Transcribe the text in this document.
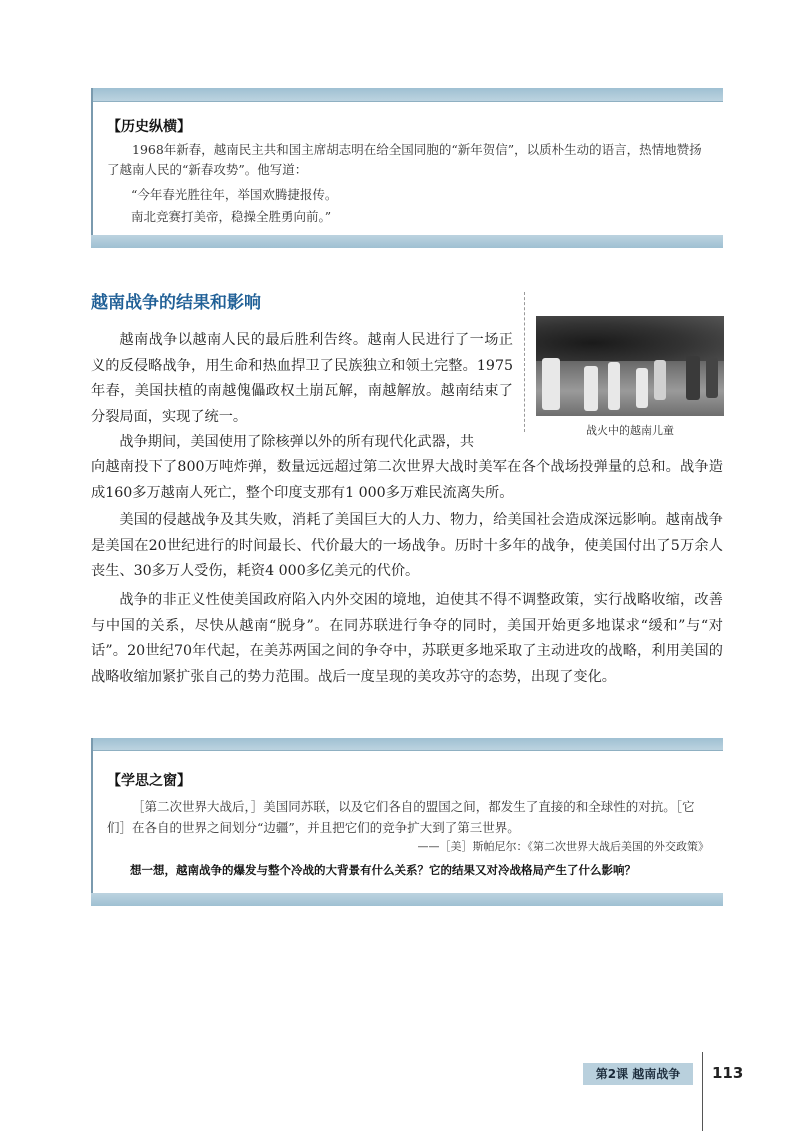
【历史纵横】
1968年新春，越南民主共和国主席胡志明在给全国同胞的“新年贺信”，以质朴生动的语言，热情地赞扬了越南人民的“新春攻势”。他写道：
“今年春光胜往年，举国欢腾捷报传。
南北竞赛打美帝，稳操全胜勇向前。”
越南战争的结果和影响
战火中的越南儿童

越南战争以越南人民的最后胜利告终。越南人民进行了一场正义的反侵略战争，用生命和热血捍卫了民族独立和领土完整。1975年春，美国扶植的南越傀儡政权土崩瓦解，南越解放。越南结束了分裂局面，实现了统一。

战争期间，美国使用了除核弹以外的所有现代化武器，共

向越南投下了800万吨炸弹，数量远远超过第二次世界大战时美军在各个战场投弹量的总和。战争造成160多万越南人死亡，整个印度支那有1 000多万难民流离失所。

美国的侵越战争及其失败，消耗了美国巨大的人力、物力，给美国社会造成深远影响。越南战争是美国在20世纪进行的时间最长、代价最大的一场战争。历时十多年的战争，使美国付出了5万余人丧生、30多万人受伤，耗资4 000多亿美元的代价。

战争的非正义性使美国政府陷入内外交困的境地，迫使其不得不调整政策，实行战略收缩，改善与中国的关系，尽快从越南“脱身”。在同苏联进行争夺的同时，美国开始更多地谋求“缓和”与“对话”。20世纪70年代起，在美苏两国之间的争夺中，苏联更多地采取了主动进攻的战略，利用美国的战略收缩加紧扩张自己的势力范围。战后一度呈现的美攻苏守的态势，出现了变化。

【学思之窗】
［第二次世界大战后，］美国同苏联，以及它们各自的盟国之间，都发生了直接的和全球性的对抗。［它们］在各自的世界之间划分“边疆”，并且把它们的竞争扩大到了第三世界。
——［美］斯帕尼尔：《第二次世界大战后美国的外交政策》
想一想，越南战争的爆发与整个冷战的大背景有什么关系？它的结果又对冷战格局产生了什么影响？
第2课 越南战争	113
